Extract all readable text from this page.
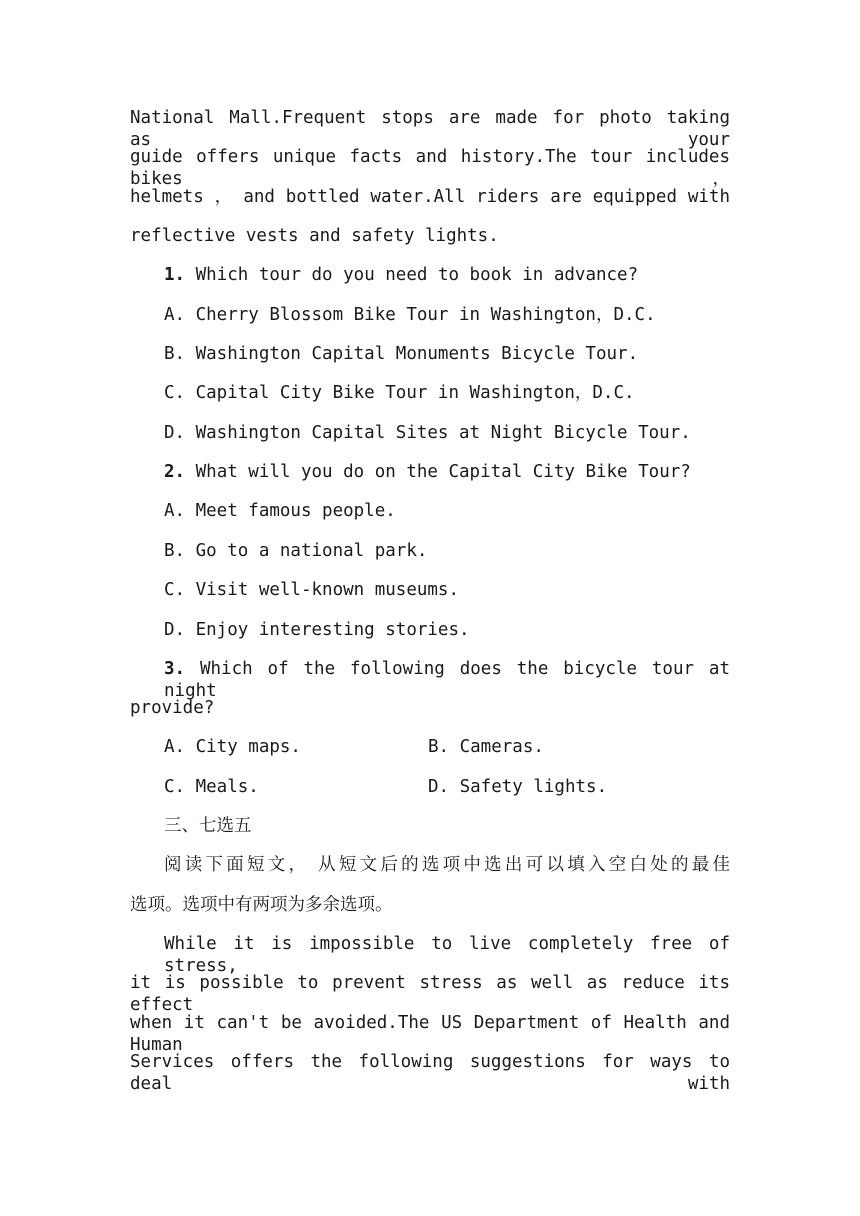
National Mall.Frequent stops are made for photo taking as your
guide offers unique facts and history.The tour includes bikes，
helmets ， and bottled water.All riders are equipped with
reflective vests and safety lights.
1. Which tour do you need to book in advance?
A. Cherry Blossom Bike Tour in Washington，D.C.
B. Washington Capital Monuments Bicycle Tour.
C. Capital City Bike Tour in Washington，D.C.
D. Washington Capital Sites at Night Bicycle Tour.
2. What will you do on the Capital City Bike Tour?
A. Meet famous people.
B. Go to a national park.
C. Visit well-known museums.
D. Enjoy interesting stories.
3. Which of the following does the bicycle tour at night
provide?
A. City maps.	B. Cameras.
C. Meals.	D. Safety lights.
三、七选五
阅读下面短文， 从短文后的选项中选出可以填入空白处的最佳
选项。选项中有两项为多余选项。
While it is impossible to live completely free of stress,
it is possible to prevent stress as well as reduce its effect
when it can't be avoided.The US Department of Health and Human
Services offers the following suggestions for ways to deal with
